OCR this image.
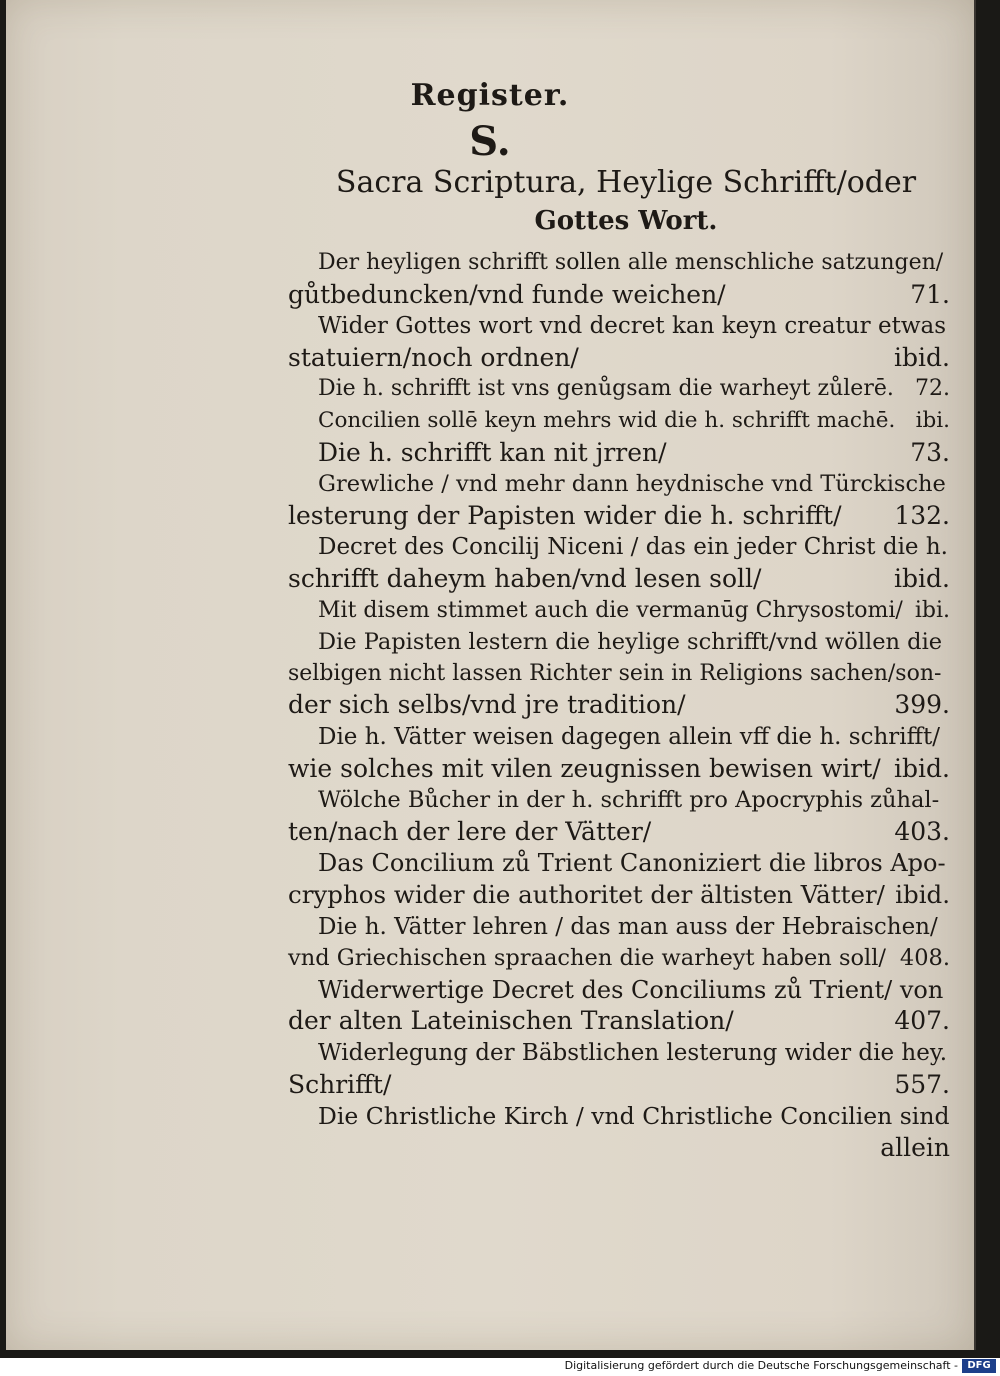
Register.
S.
Sacra Scriptura, Heylige Schrifft/oder
Gottes Wort.
Der heyligen schrifft sollen alle menschliche satzungen/
gůtbeduncken/vnd funde weichen/	71.
Wider Gottes wort vnd decret kan keyn creatur etwas
statuiern/noch ordnen/	ibid.
Die h. schrifft ist vns genůgsam die warheyt zůlerē. 72.
Concilien sollē keyn mehrs wid die h. schrifft machē. ibi.
Die h. schrifft kan nit jrren/	73.
Grewliche / vnd mehr dann heydnische vnd Türckische
lesterung der Papisten wider die h. schrifft/	132.
Decret des Concilij Niceni / das ein jeder Christ die h.
schrifft daheym haben/vnd lesen soll/	ibid.
Mit disem stimmet auch die vermanūg Chrysostomi/ ibi.
Die Papisten lestern die heylige schrifft/vnd wöllen die
selbigen nicht lassen Richter sein in Religions sachen/son-
der sich selbs/vnd jre tradition/	399.
Die h. Vätter weisen dagegen allein vff die h. schrifft/
wie solches mit vilen zeugnissen bewisen wirt/ ibid.
Wölche Bůcher in der h. schrifft pro Apocryphis zůhal-
ten/nach der lere der Vätter/	403.
Das Concilium zů Trient Canoniziert die libros Apo-
cryphos wider die authoritet der ältisten Vätter/ ibid.
Die h. Vätter lehren / das man auss der Hebraischen/
vnd Griechischen spraachen die warheyt haben soll/ 408.
Widerwertige Decret des Conciliums zů Trient/ von
der alten Lateinischen Translation/	407.
Widerlegung der Bäbstlichen lesterung wider die hey.
Schrifft/	557.
Die Christliche Kirch / vnd Christliche Concilien sind
allein
Digitalisierung gefördert durch die Deutsche Forschungsgemeinschaft - DFG
